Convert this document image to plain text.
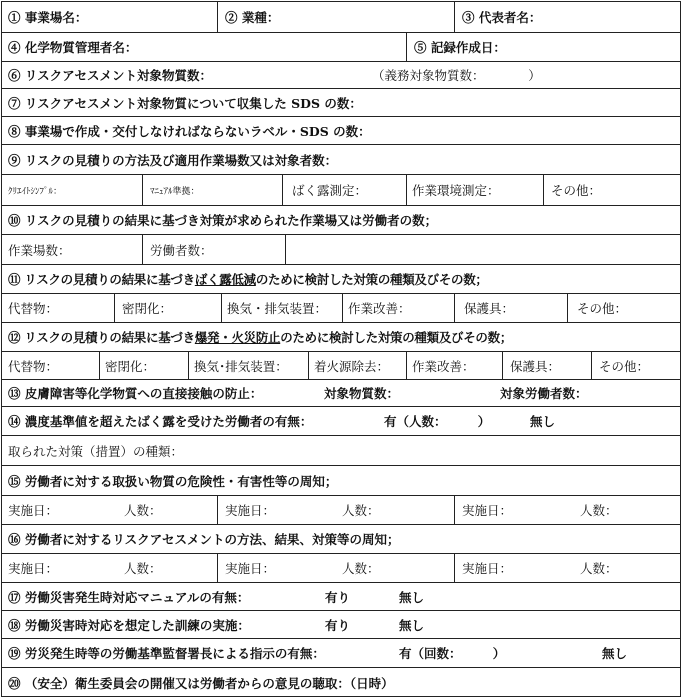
① 事業場名：	② 業種：	③ 代表者名：
④ 化学物質管理者名：	⑤ 記録作成日：
⑥ リスクアセスメント対象物質数：	（義務対象物質数：　　　　）
⑦ リスクアセスメント対象物質について収集した SDS の数：
⑧ 事業場で作成・交付しなければならないラベル・SDS の数：
⑨ リスクの見積りの方法及び適用作業場数又は対象者数：
ｸﾘｴｲﾄｼﾝﾌﾟﾙ：	ﾏﾆｭｱﾙ準拠：	ばく露測定：	作業環境測定：	その他：
⑩ リスクの見積りの結果に基づき対策が求められた作業場又は労働者の数；
作業場数：	労働者数：
⑪ リスクの見積りの結果に基づき ばく露低減 のために検討した対策の種類及びその数；
代替物：	密閉化：	換気・排気装置： 作業改善：	保護具：	その他：
⑫ リスクの見積りの結果に基づき 爆発・火災防止 のために検討した対策の種類及びその数；
代替物：	密閉化：	換気･排気装置： 着火源除去： 作業改善：	保護具：	その他：
⑬ 皮膚障害等化学物質への直接接触の防止：	対象物質数：	対象労働者数：
⑭ 濃度基準値を超えたばく露を受けた労働者の有無：	有（人数：　　　）	無し
取られた対策（措置）の種類：
⑮ 労働者に対する取扱い物質の危険性・有害性等の周知；
実施日：	人数：	実施日：	人数：	実施日：	人数：
⑯ 労働者に対するリスクアセスメントの方法、結果、対策等の周知；
実施日：	人数：	実施日：	人数：	実施日：	人数：
⑰ 労働災害発生時対応マニュアルの有無：	有り	無し
⑱ 労働災害時対応を想定した訓練の実施：	有り	無し
⑲ 労災発生時等の労働基準監督署長による指示の有無：	有（回数：　　　）	無し
⑳ （安全）衛生委員会の開催又は労働者からの意見の聴取：（日時）
